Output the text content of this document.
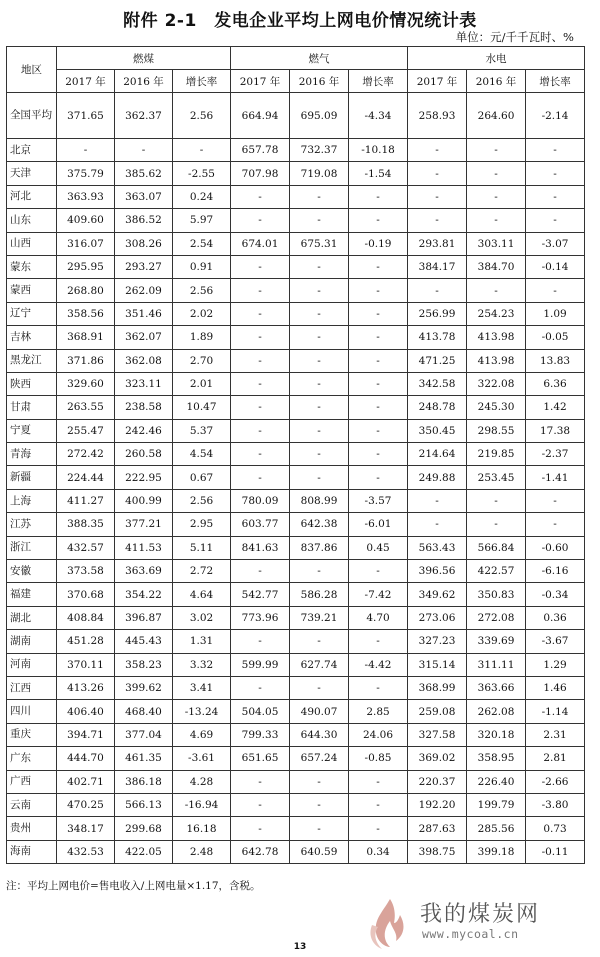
附件 2-1　发电企业平均上网电价情况统计表
单位：元/千千瓦时、%
地区	燃煤			燃气			水电		
	2017 年	2016 年	增长率	2017 年	2016 年	增长率	2017 年	2016 年	增长率
全国平均	371.65	362.37	2.56	664.94	695.09	-4.34	258.93	264.60	-2.14
北京	-	-	-	657.78	732.37	-10.18	-	-	-
天津	375.79	385.62	-2.55	707.98	719.08	-1.54	-	-	-
河北	363.93	363.07	0.24	-	-	-	-	-	-
山东	409.60	386.52	5.97	-	-	-	-	-	-
山西	316.07	308.26	2.54	674.01	675.31	-0.19	293.81	303.11	-3.07
蒙东	295.95	293.27	0.91	-	-	-	384.17	384.70	-0.14
蒙西	268.80	262.09	2.56	-	-	-	-	-	-
辽宁	358.56	351.46	2.02	-	-	-	256.99	254.23	1.09
吉林	368.91	362.07	1.89	-	-	-	413.78	413.98	-0.05
黑龙江	371.86	362.08	2.70	-	-	-	471.25	413.98	13.83
陕西	329.60	323.11	2.01	-	-	-	342.58	322.08	6.36
甘肃	263.55	238.58	10.47	-	-	-	248.78	245.30	1.42
宁夏	255.47	242.46	5.37	-	-	-	350.45	298.55	17.38
青海	272.42	260.58	4.54	-	-	-	214.64	219.85	-2.37
新疆	224.44	222.95	0.67	-	-	-	249.88	253.45	-1.41
上海	411.27	400.99	2.56	780.09	808.99	-3.57	-	-	-
江苏	388.35	377.21	2.95	603.77	642.38	-6.01	-	-	-
浙江	432.57	411.53	5.11	841.63	837.86	0.45	563.43	566.84	-0.60
安徽	373.58	363.69	2.72	-	-	-	396.56	422.57	-6.16
福建	370.68	354.22	4.64	542.77	586.28	-7.42	349.62	350.83	-0.34
湖北	408.84	396.87	3.02	773.96	739.21	4.70	273.06	272.08	0.36
湖南	451.28	445.43	1.31	-	-	-	327.23	339.69	-3.67
河南	370.11	358.23	3.32	599.99	627.74	-4.42	315.14	311.11	1.29
江西	413.26	399.62	3.41	-	-	-	368.99	363.66	1.46
四川	406.40	468.40	-13.24	504.05	490.07	2.85	259.08	262.08	-1.14
重庆	394.71	377.04	4.69	799.33	644.30	24.06	327.58	320.18	2.31
广东	444.70	461.35	-3.61	651.65	657.24	-0.85	369.02	358.95	2.81
广西	402.71	386.18	4.28	-	-	-	220.37	226.40	-2.66
云南	470.25	566.13	-16.94	-	-	-	192.20	199.79	-3.80
贵州	348.17	299.68	16.18	-	-	-	287.63	285.56	0.73
海南	432.53	422.05	2.48	642.78	640.59	0.34	398.75	399.18	-0.11
注：平均上网电价=售电收入/上网电量×1.17，含税。
我的煤炭网
www.mycoal.cn
13
